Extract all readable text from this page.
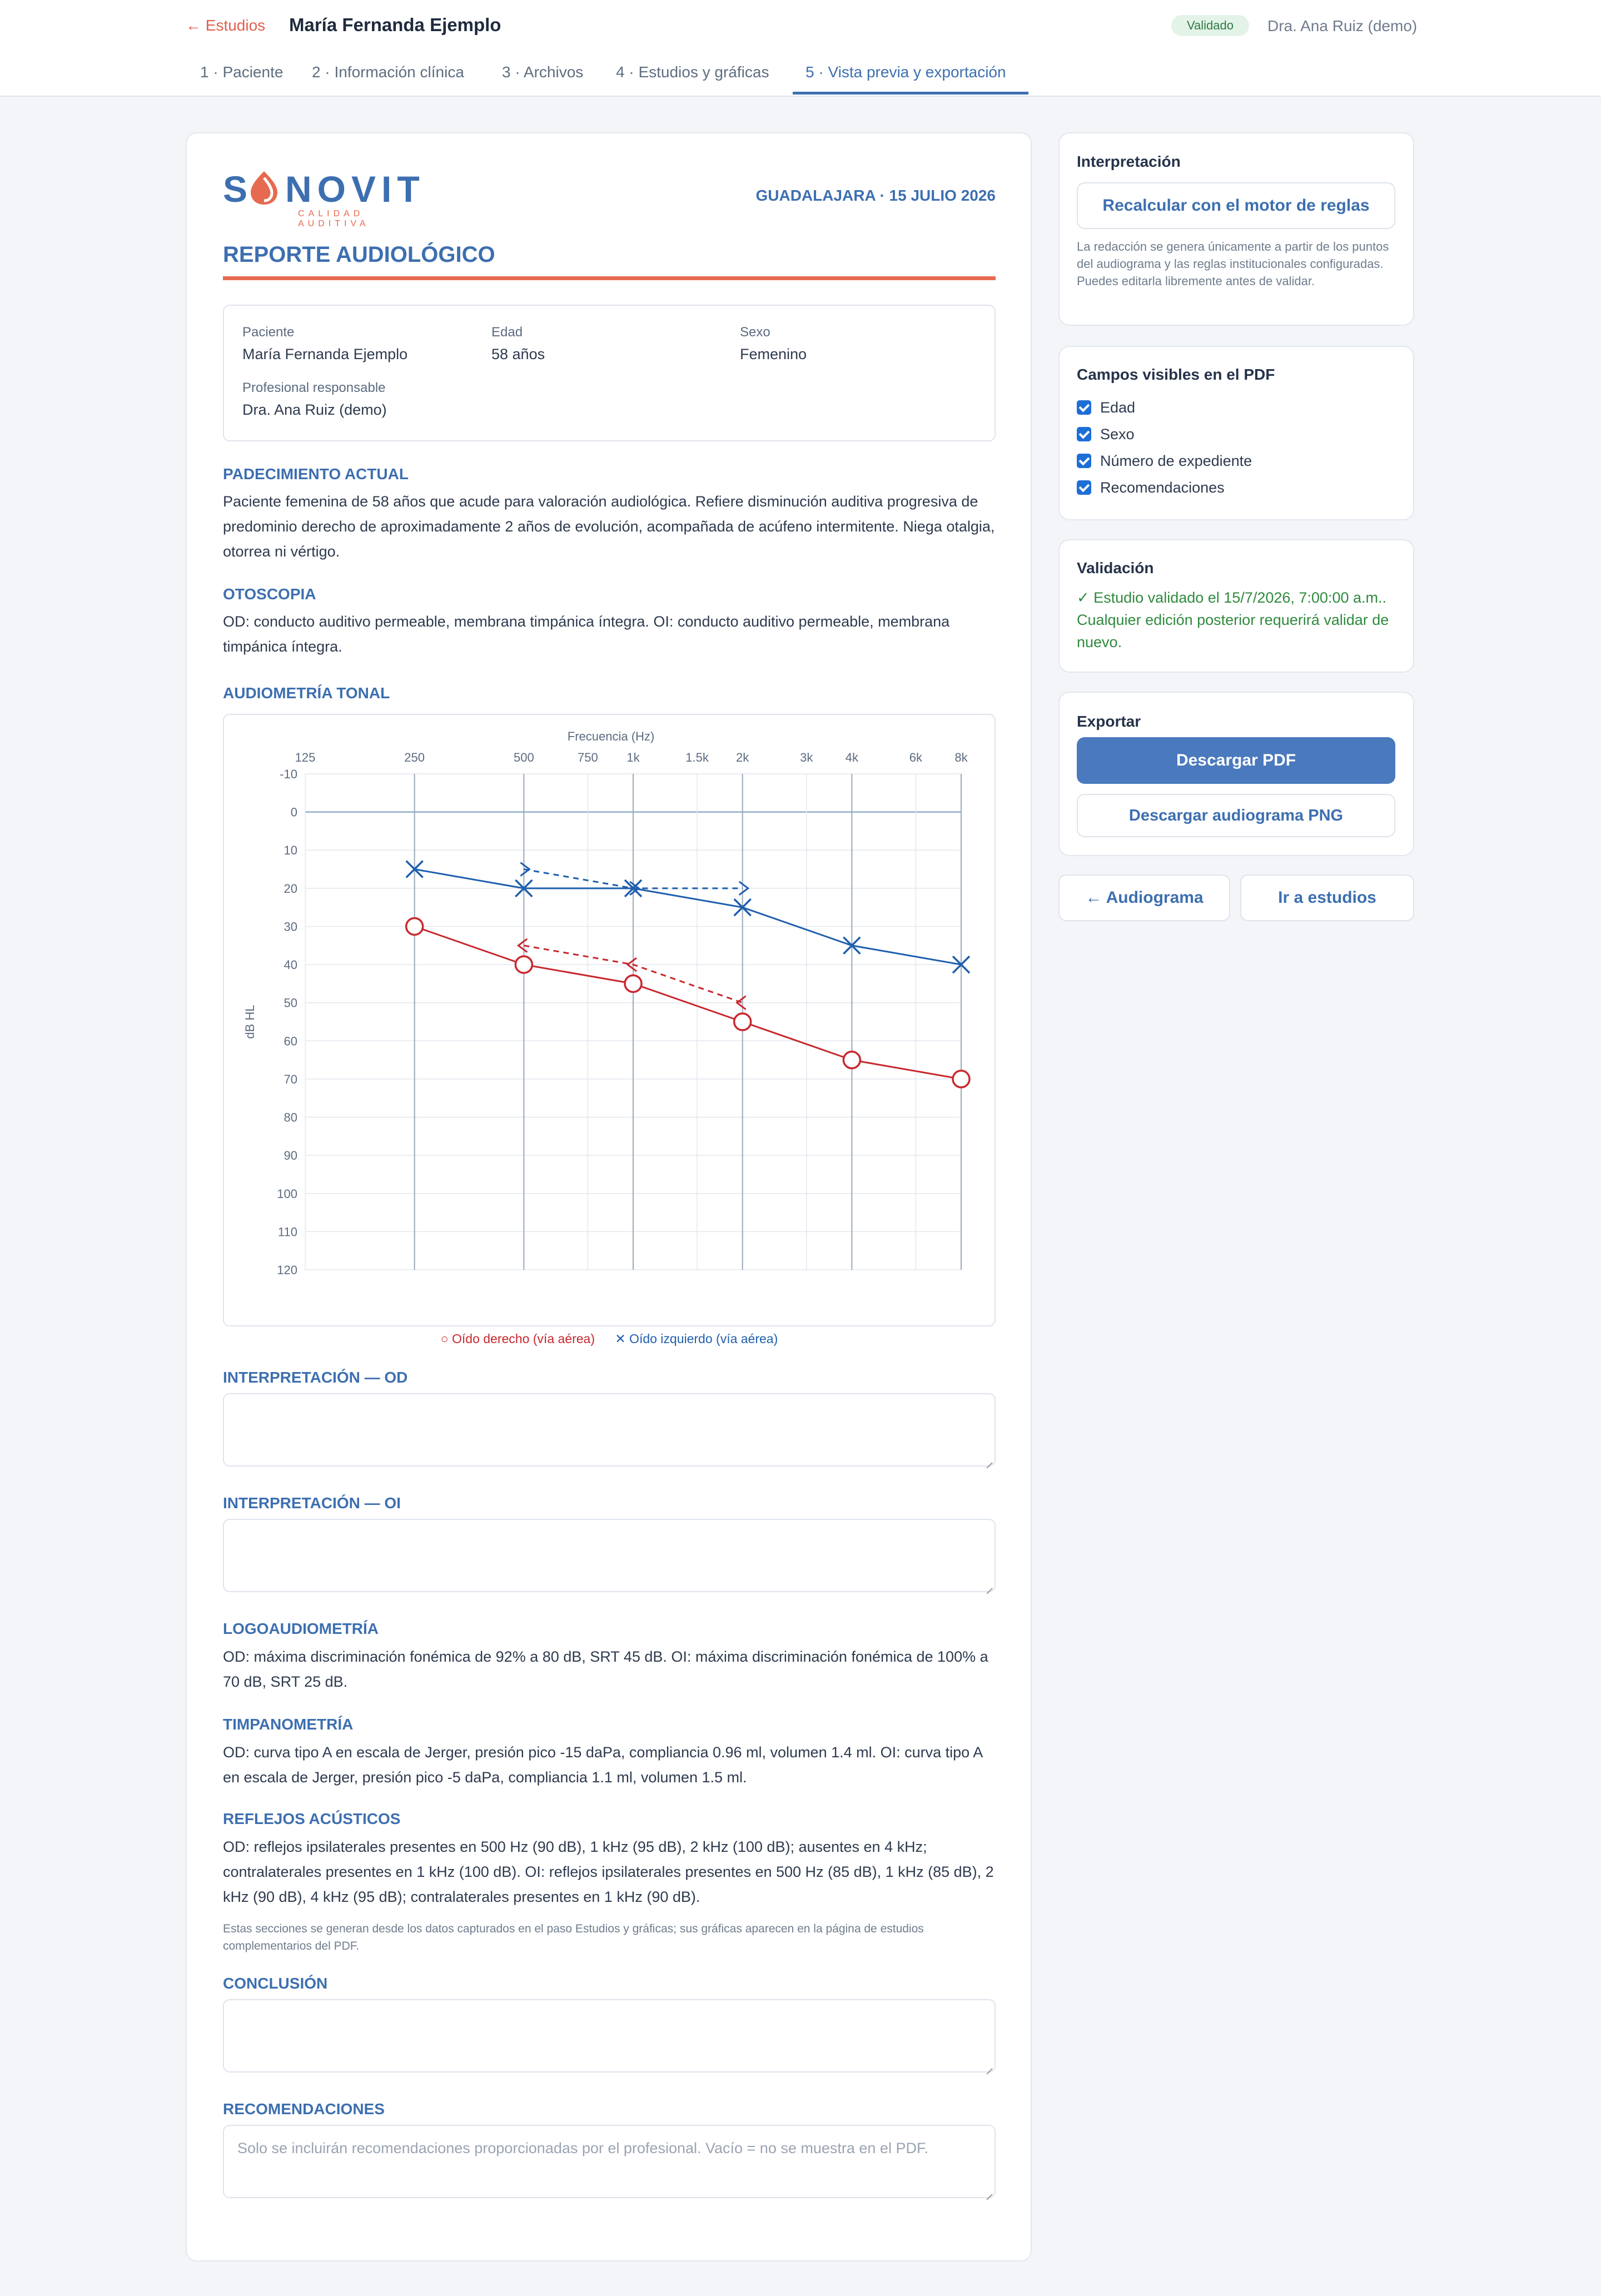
← Estudios María Fernanda Ejemplo	Validado	Dra. Ana Ruiz (demo)
1 · Paciente 2 · Información clínica 3 · Archivos 4 · Estudios y gráficas 5 · Vista previa y exportación
S NOVIT
CALIDAD AUDITIVA
GUADALAJARA · 15 JULIO 2026
REPORTE AUDIOLÓGICO
Paciente
María Fernanda Ejemplo
Edad
58 años
Sexo
Femenino
Profesional responsable
Dra. Ana Ruiz (demo)
PADECIMIENTO ACTUAL
Paciente femenina de 58 años que acude para valoración audiológica. Refiere disminución auditiva progresiva de predominio derecho de aproximadamente 2 años de evolución, acompañada de acúfeno intermitente. Niega otalgia, otorrea ni vértigo.
OTOSCOPIA
OD: conducto auditivo permeable, membrana timpánica íntegra. OI: conducto auditivo permeable, membrana timpánica íntegra.
AUDIOMETRÍA TONAL
-10
0
10
20
30
40
50
60
70
80
90
100
110
120
125	250	500	750 1k	1.5k 2k	3k	4k	6k	8k
Frecuencia (Hz)
dB HL
○ Oído derecho (vía aérea) ✕ Oído izquierdo (vía aérea)
INTERPRETACIÓN — OD
INTERPRETACIÓN — OI
LOGOAUDIOMETRÍA
OD: máxima discriminación fonémica de 92% a 80 dB, SRT 45 dB. OI: máxima discriminación fonémica de 100% a 70 dB, SRT 25 dB.
TIMPANOMETRÍA
OD: curva tipo A en escala de Jerger, presión pico -15 daPa, compliancia 0.96 ml, volumen 1.4 ml. OI: curva tipo A en escala de Jerger, presión pico -5 daPa, compliancia 1.1 ml, volumen 1.5 ml.
REFLEJOS ACÚSTICOS
OD: reflejos ipsilaterales presentes en 500 Hz (90 dB), 1 kHz (95 dB), 2 kHz (100 dB); ausentes en 4 kHz; contralaterales presentes en 1 kHz (100 dB). OI: reflejos ipsilaterales presentes en 500 Hz (85 dB), 1 kHz (85 dB), 2 kHz (90 dB), 4 kHz (95 dB); contralaterales presentes en 1 kHz (90 dB).
Estas secciones se generan desde los datos capturados en el paso Estudios y gráficas; sus gráficas aparecen en la página de estudios complementarios del PDF.
CONCLUSIÓN
RECOMENDACIONES
Solo se incluirán recomendaciones proporcionadas por el profesional. Vacío = no se muestra en el PDF.
Interpretación
Recalcular con el motor de reglas
La redacción se genera únicamente a partir de los puntos del audiograma y las reglas institucionales configuradas. Puedes editarla libremente antes de validar.
Campos visibles en el PDF
Edad
Sexo
Número de expediente
Recomendaciones
Validación
✓ Estudio validado el 15/7/2026, 7:00:00 a.m.. Cualquier edición posterior requerirá validar de nuevo.
Exportar
Descargar PDF
Descargar audiograma PNG
← Audiograma	Ir a estudios
